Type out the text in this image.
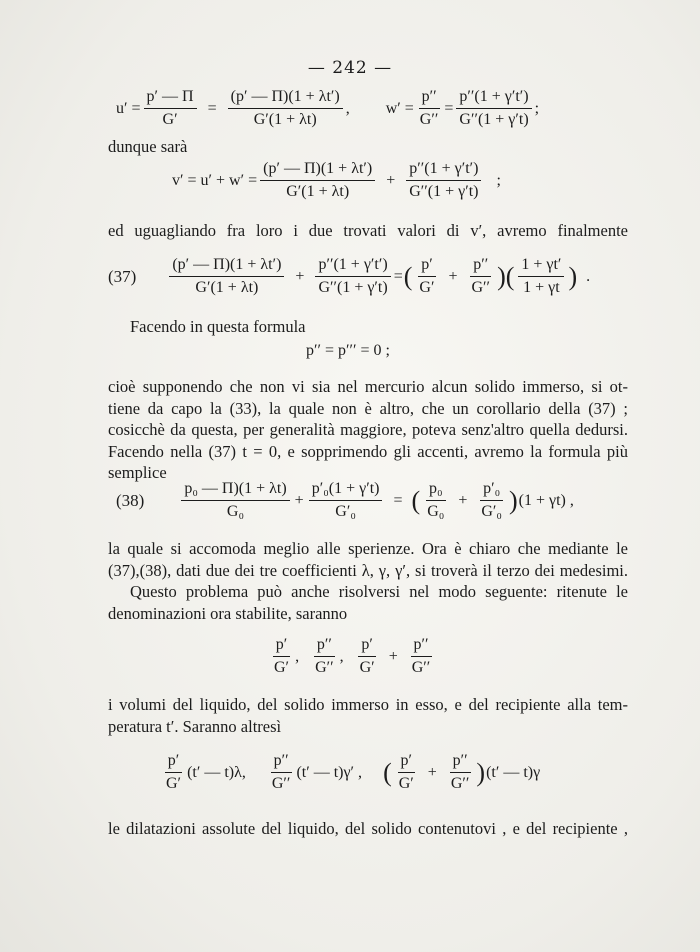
— 242 —
$u' = \frac{p' — \Pi}{G'} = \frac{(p' — \Pi)(1 + \lambda t')}{G'(1 + \lambda t)}$ , $w' = \frac{p''}{G''} = \frac{p''(1 + \gamma't')}{G''(1 + \gamma't)}$ ;
dunque sarà
$v' = u' + w' = \frac{(p' — \Pi)(1 + \lambda t')}{G'(1 + \lambda t)} + \frac{p''(1 + \gamma't')}{G''(1 + \gamma't)}$ ;
ed uguagliando fra loro i due trovati valori di v′, avremo finalmente
$(37) \frac{(p' — \Pi)(1 + \lambda t')}{G'(1 + \lambda t)} + \frac{p''(1 + \gamma't')}{G''(1 + \gamma't)}$ = ( $\frac{p'}{G'} + \frac{p''}{G''}$ )( $\frac{1 + \gamma t'}{1 + \gamma t}$ ) .
Facendo in questa formula
p′′ = p′′′ = 0 ;
cioè supponendo che non vi sia nel mercurio alcun solido immerso, si ot-
tiene da capo la (33), la quale non è altro, che un corollario della (37) ;
cosicchè da questa, per generalità maggiore, poteva senz'altro quella dedursi.
Facendo nella (37) t = 0, e sopprimendo gli accenti, avremo la formula più
semplice
$(38) \frac{\text{p₀ — Π)(1 + λt)}}{\text{G₀}} + \frac{\text{p′₀(1 + γ′t)}}{\text{G′₀}}$ = ( $\frac{\text{p₀}}{\text{G₀}} + \frac{\text{p′₀}}{\text{G′₀}}$ ) (1 + γt) ,
la quale si accomoda meglio alle sperienze. Ora è chiaro che mediante le
(37),(38), dati due dei tre coefficienti λ, γ, γ′, si troverà il terzo dei medesimi.
Questo problema può anche risolversi nel modo seguente: ritenute le
denominazioni ora stabilite, saranno
$\frac{p'}{G'}$ , $\frac{p''}{G''}$ , $\frac{p'}{G'} + \frac{p''}{G''}$
i volumi del liquido, del solido immerso in esso, e del recipiente alla tem-
peratura t′. Saranno altresì
$\frac{p'}{G'} (t'$ — t)λ, $\frac{p''}{G''} (t'$ — t)γ′ , ( $\frac{p'}{G'} + \frac{p''}{G''}$ ) (t′ — t)γ
le dilatazioni assolute del liquido, del solido contenutovi , e del recipiente ,
